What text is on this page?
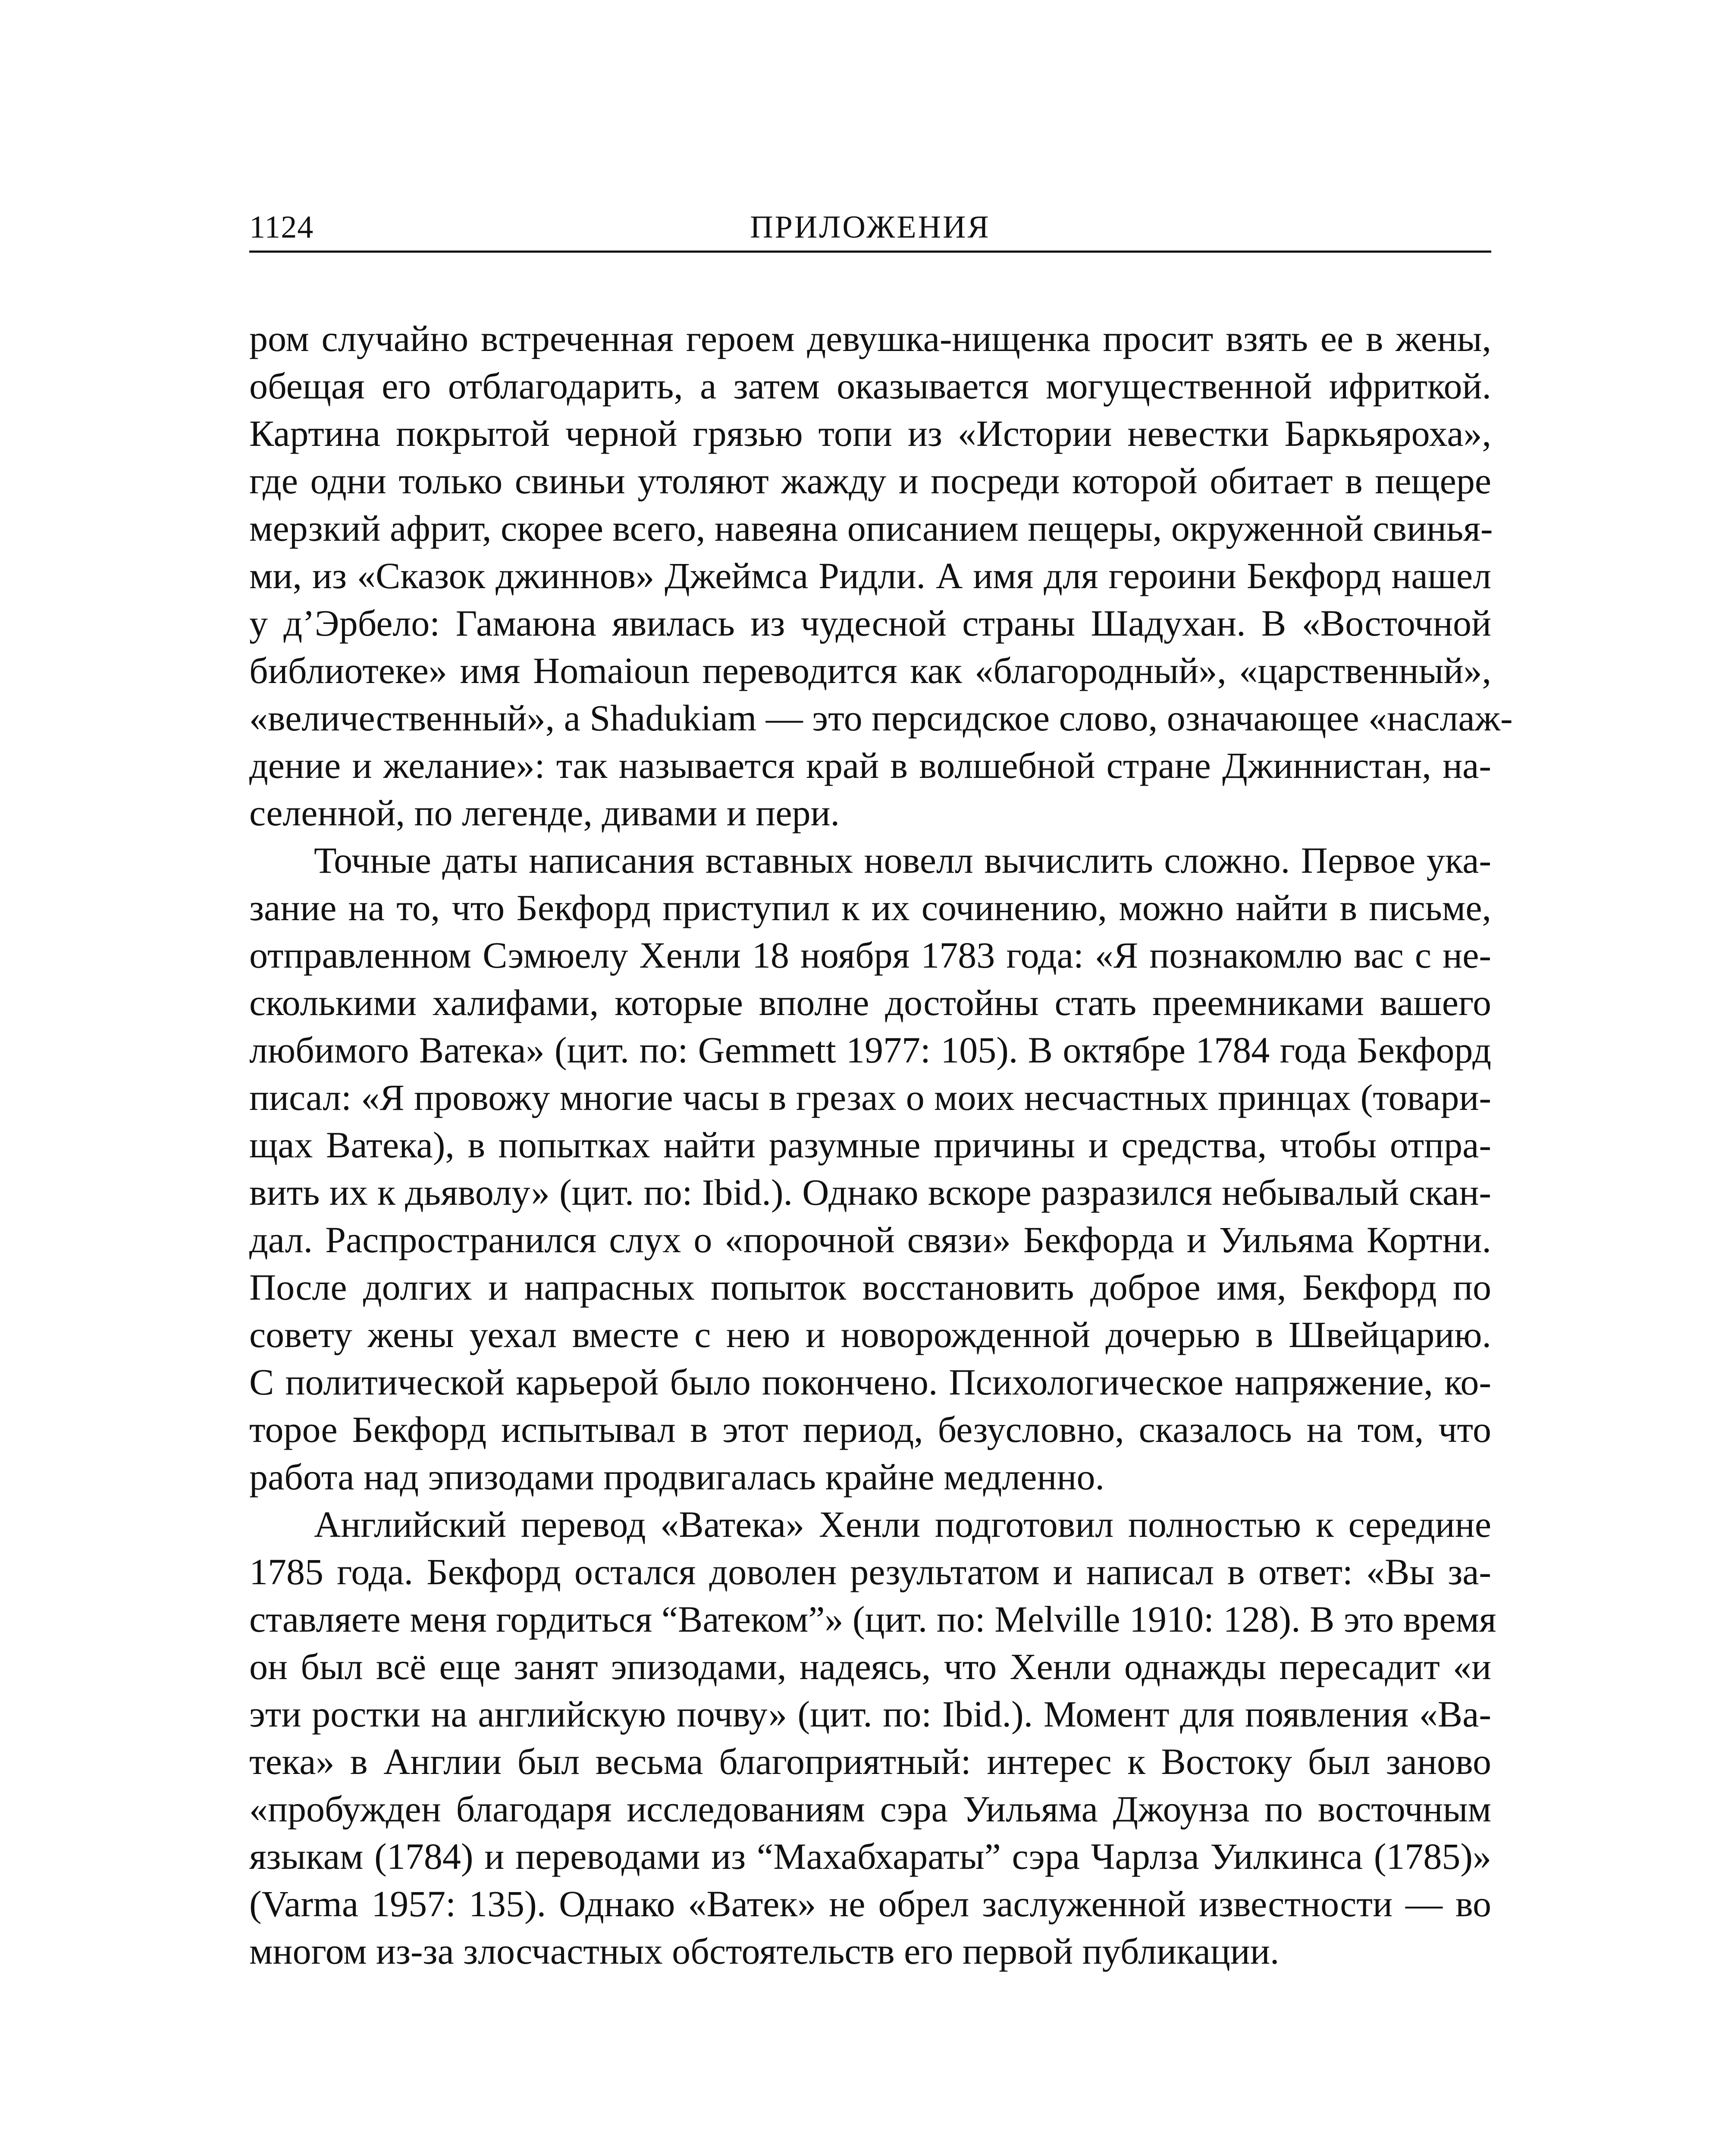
1124	ПРИЛОЖЕНИЯ
ром случайно встреченная героем девушка-нищенка просит взять ее в жены,
обещая его отблагодарить, а затем оказывается могущественной ифриткой.
Картина покрытой черной грязью топи из «Истории невестки Баркьяроха»,
где одни только свиньи утоляют жажду и посреди которой обитает в пещере
мерзкий африт, скорее всего, навеяна описанием пещеры, окруженной свинья-
ми, из «Сказок джиннов» Джеймса Ридли. А имя для героини Бекфорд нашел
у д’Эрбело: Гамаюна явилась из чудесной страны Шадухан. В «Восточной
библиотеке» имя Homaioun переводится как «благородный», «царственный»,
«величественный», а Shadukiam — это персидское слово, означающее «наслаж-
дение и желание»: так называется край в волшебной стране Джиннистан, на-
селенной, по легенде, дивами и пери.
Точные даты написания вставных новелл вычислить сложно. Первое ука-
зание на то, что Бекфорд приступил к их сочинению, можно найти в письме,
отправленном Сэмюелу Хенли 18 ноября 1783 года: «Я познакомлю вас с не-
сколькими халифами, которые вполне достойны стать преемниками вашего
любимого Ватека» (цит. по: Gemmett 1977: 105). В октябре 1784 года Бекфорд
писал: «Я провожу многие часы в грезах о моих несчастных принцах (товари-
щах Ватека), в попытках найти разумные причины и средства, чтобы отпра-
вить их к дьяволу» (цит. по: Ibid.). Однако вскоре разразился небывалый скан-
дал. Распространился слух о «порочной связи» Бекфорда и Уильяма Кортни.
После долгих и напрасных попыток восстановить доброе имя, Бекфорд по
совету жены уехал вместе с нею и новорожденной дочерью в Швейцарию.
С политической карьерой было покончено. Психологическое напряжение, ко-
торое Бекфорд испытывал в этот период, безусловно, сказалось на том, что
работа над эпизодами продвигалась крайне медленно.
Английский перевод «Ватека» Хенли подготовил полностью к середине
1785 года. Бекфорд остался доволен результатом и написал в ответ: «Вы за-
ставляете меня гордиться “Ватеком”» (цит. по: Melville 1910: 128). В это время
он был всё еще занят эпизодами, надеясь, что Хенли однажды пересадит «и
эти ростки на английскую почву» (цит. по: Ibid.). Момент для появления «Ва-
тека» в Англии был весьма благоприятный: интерес к Востоку был заново
«пробужден благодаря исследованиям сэра Уильяма Джоунза по восточным
языкам (1784) и переводами из “Махабхараты” сэра Чарлза Уилкинса (1785)»
(Varma 1957: 135). Однако «Ватек» не обрел заслуженной известности — во
многом из-за злосчастных обстоятельств его первой публикации.
